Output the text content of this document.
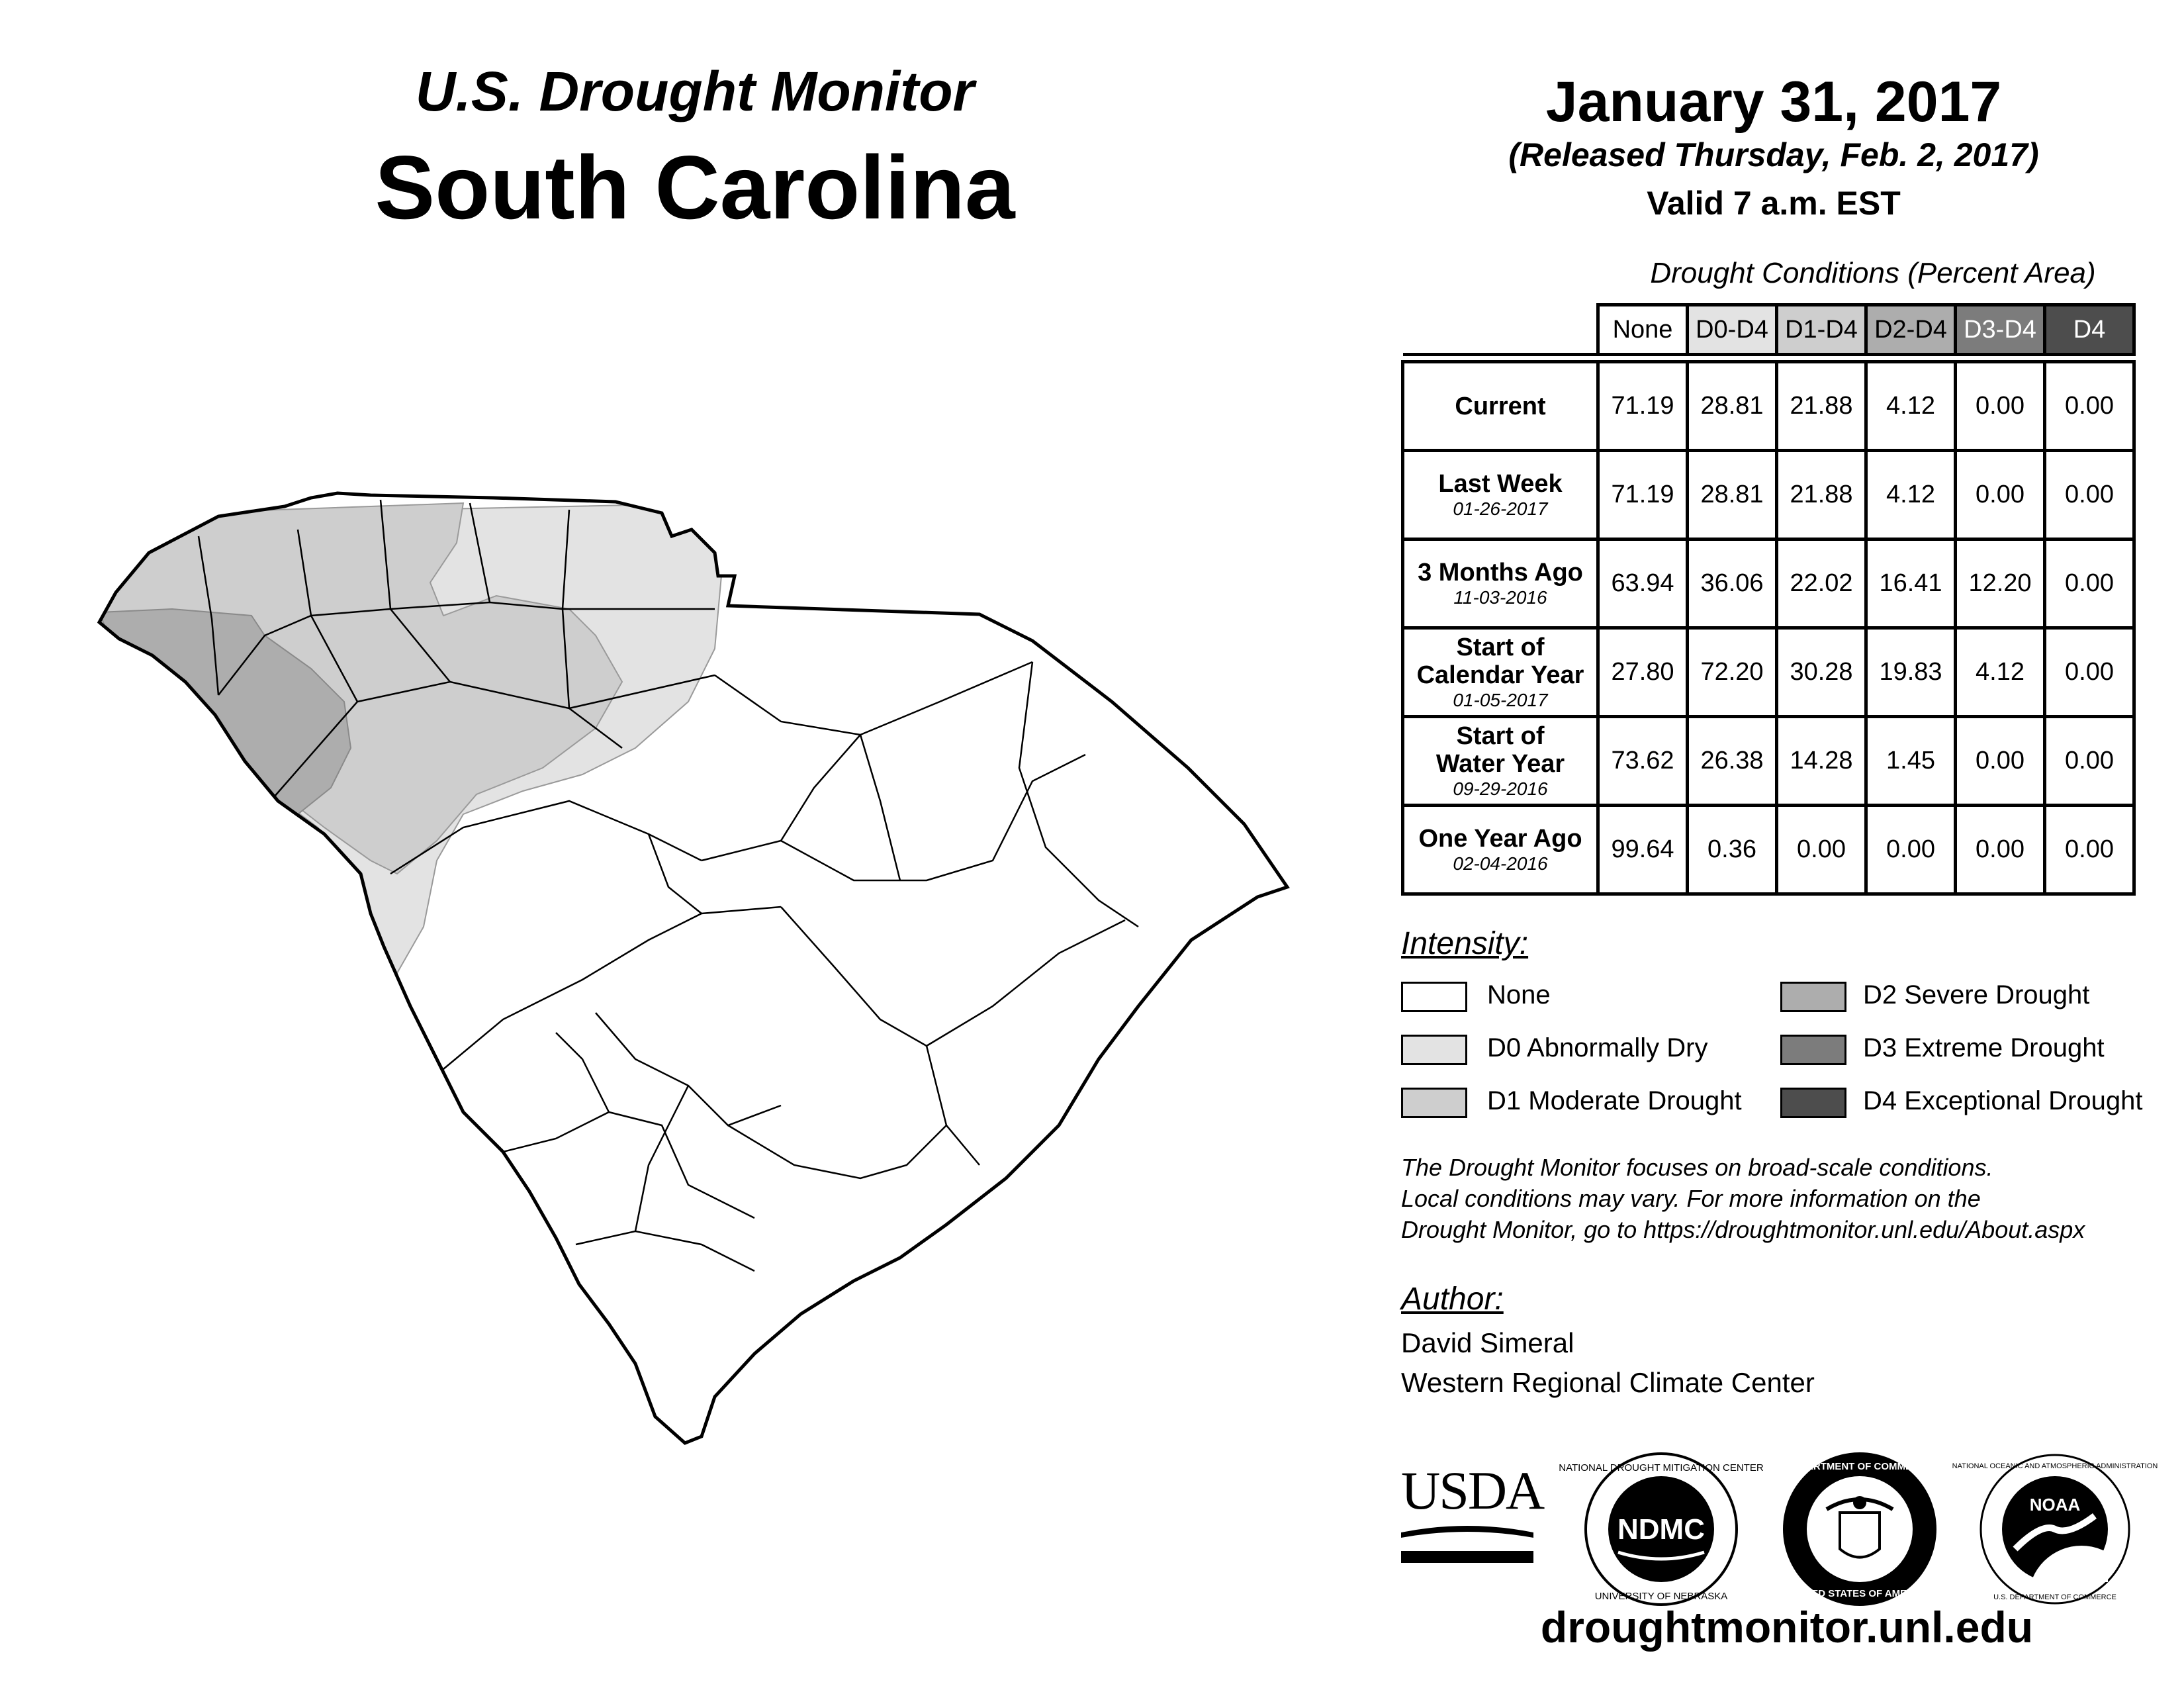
U.S. Drought Monitor
South Carolina
January 31, 2017
(Released Thursday, Feb. 2, 2017)
Valid 7 a.m. EST
Drought Conditions (Percent Area)
	None	D0-D4	D1-D4	D2-D4	D3-D4	D4

Current	71.19	28.81	21.88	4.12	0.00	0.00
Last Week
01-26-2017	71.19	28.81	21.88	4.12	0.00	0.00
3 Months Ago
11-03-2016	63.94	36.06	22.02	16.41	12.20	0.00
Start of
Calendar Year
01-05-2017	27.80	72.20	30.28	19.83	4.12	0.00
Start of
Water Year
09-29-2016	73.62	26.38	14.28	1.45	0.00	0.00
One Year Ago
02-04-2016	99.64	0.36	0.00	0.00	0.00	0.00
Intensity:
None
D0 Abnormally Dry
D1 Moderate Drought
D2 Severe Drought
D3 Extreme Drought
D4 Exceptional Drought
The Drought Monitor focuses on broad-scale conditions.
Local conditions may vary. For more information on the
Drought Monitor, go to https://droughtmonitor.unl.edu/About.aspx
Author:
David Simeral
Western Regional Climate Center
USDA
NDMC
NATIONAL DROUGHT MITIGATION CENTER
UNIVERSITY OF NEBRASKA
DEPARTMENT OF COMMERCE
UNITED STATES OF AMERICA
NOAA
NATIONAL OCEANIC AND ATMOSPHERIC ADMINISTRATION
U.S. DEPARTMENT OF COMMERCE
droughtmonitor.unl.edu
